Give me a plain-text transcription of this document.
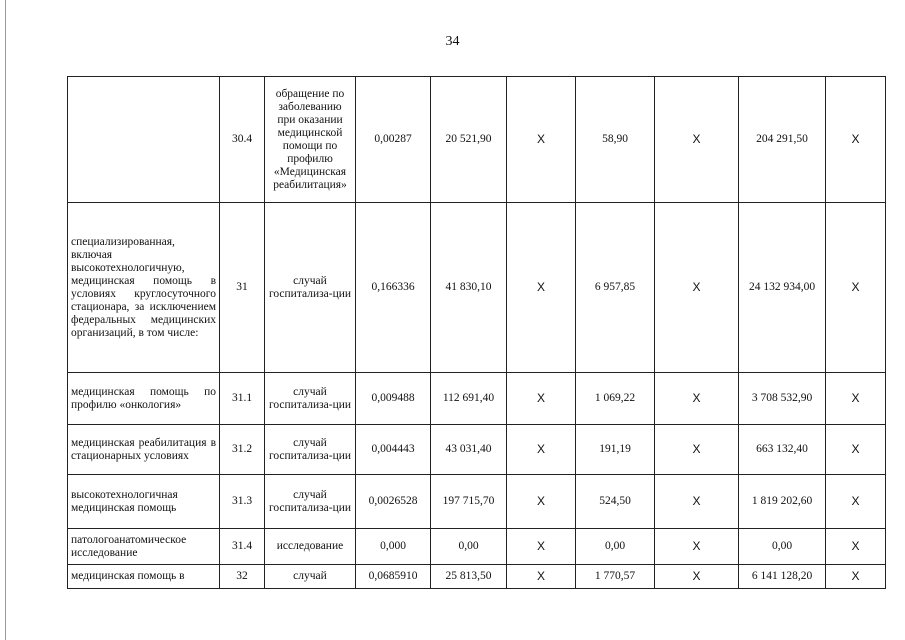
34
	30.4	обращение по заболеванию при оказании медицинской помощи по профилю «Медицинская реабилитация»	0,00287	20 521,90	X	58,90	X	204 291,50	X
специализированная, включая высокотехнологичную, медицинская помощь в условиях круглосуточного стационара, за исключением федеральных медицинских организаций, в том числе:	31	случай госпитализа-ции	0,166336	41 830,10	X	6 957,85	X	24 132 934,00	X
медицинская помощь по профилю «онкология»	31.1	случай госпитализа-ции	0,009488	112 691,40	X	1 069,22	X	3 708 532,90	X
медицинская реабилитация в стационарных условиях	31.2	случай госпитализа-ции	0,004443	43 031,40	X	191,19	X	663 132,40	X
высокотехнологичная медицинская помощь	31.3	случай госпитализа-ции	0,0026528	197 715,70	X	524,50	X	1 819 202,60	X
патологоанатомическое исследование	31.4	исследование	0,000	0,00	X	0,00	X	0,00	X
медицинская помощь в	32	случай	0,0685910	25 813,50	X	1 770,57	X	6 141 128,20	X
